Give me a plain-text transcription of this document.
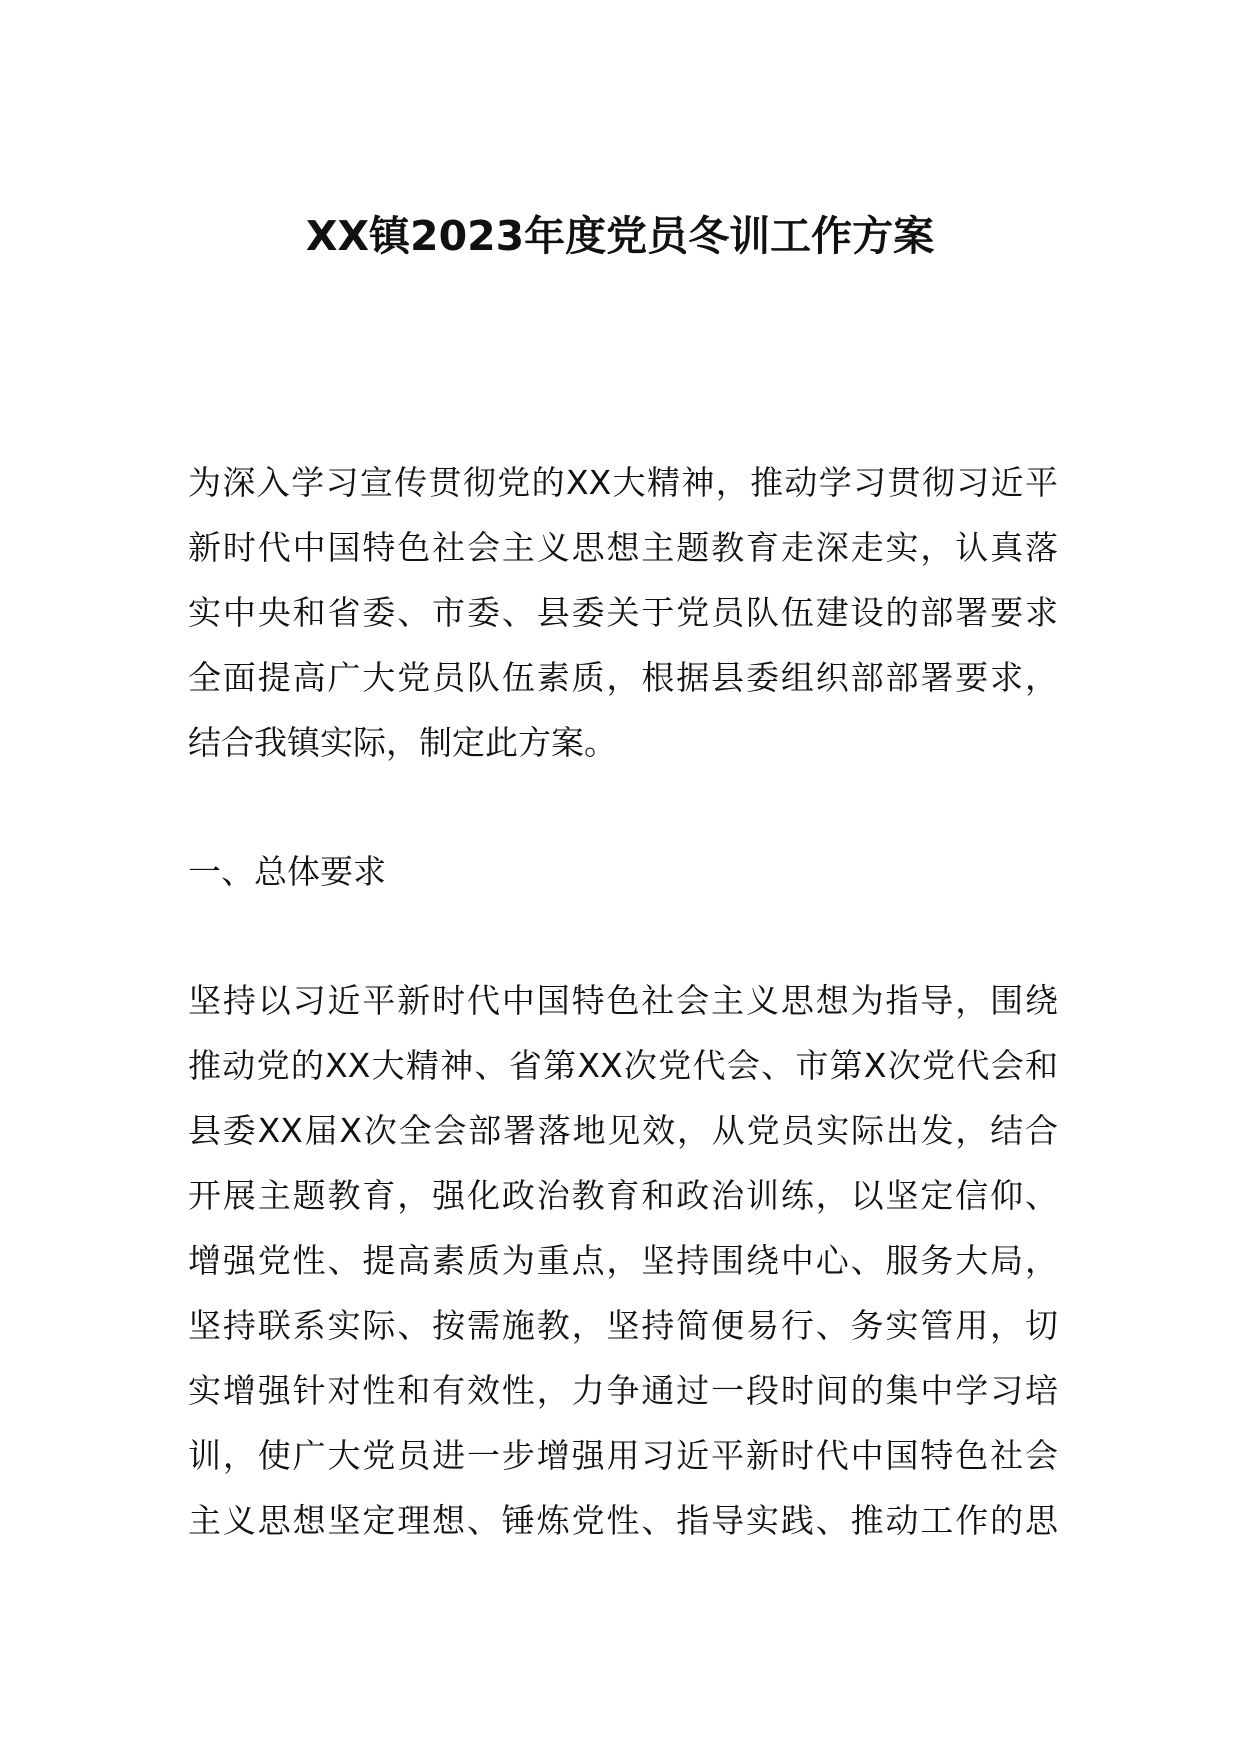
XX镇2023年度党员冬训工作方案
为深入学习宣传贯彻党的XX大精神，推动学习贯彻习近平
新时代中国特色社会主义思想主题教育走深走实，认真落
实中央和省委、市委、县委关于党员队伍建设的部署要求
全面提高广大党员队伍素质，根据县委组织部部署要求，
结合我镇实际，制定此方案。
一、总体要求
坚持以习近平新时代中国特色社会主义思想为指导，围绕
推动党的XX大精神、省第XX次党代会、市第X次党代会和
县委XX届X次全会部署落地见效，从党员实际出发，结合
开展主题教育，强化政治教育和政治训练，以坚定信仰、
增强党性、提高素质为重点，坚持围绕中心、服务大局，
坚持联系实际、按需施教，坚持简便易行、务实管用，切
实增强针对性和有效性，力争通过一段时间的集中学习培
训，使广大党员进一步增强用习近平新时代中国特色社会
主义思想坚定理想、锤炼党性、指导实践、推动工作的思
